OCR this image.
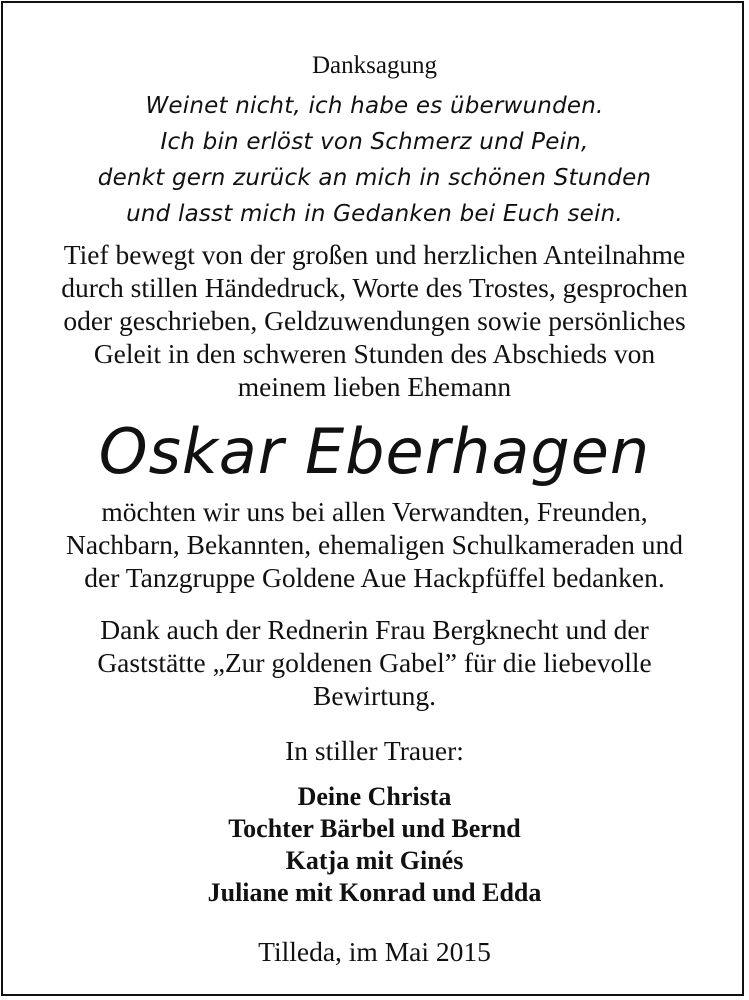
Danksagung
Weinet nicht, ich habe es überwunden.
Ich bin erlöst von Schmerz und Pein,
denkt gern zurück an mich in schönen Stunden
und lasst mich in Gedanken bei Euch sein.
Tief bewegt von der großen und herzlichen Anteilnahme
durch stillen Händedruck, Worte des Trostes, gesprochen
oder geschrieben, Geldzuwendungen sowie persönliches
Geleit in den schweren Stunden des Abschieds von
meinem lieben Ehemann
Oskar Eberhagen
möchten wir uns bei allen Verwandten, Freunden,
Nachbarn, Bekannten, ehemaligen Schulkameraden und
der Tanzgruppe Goldene Aue Hackpfüffel bedanken.
Dank auch der Rednerin Frau Bergknecht und der
Gaststätte „Zur goldenen Gabel” für die liebevolle
Bewirtung.
In stiller Trauer:
Deine Christa
Tochter Bärbel und Bernd
Katja mit Ginés
Juliane mit Konrad und Edda
Tilleda, im Mai 2015
